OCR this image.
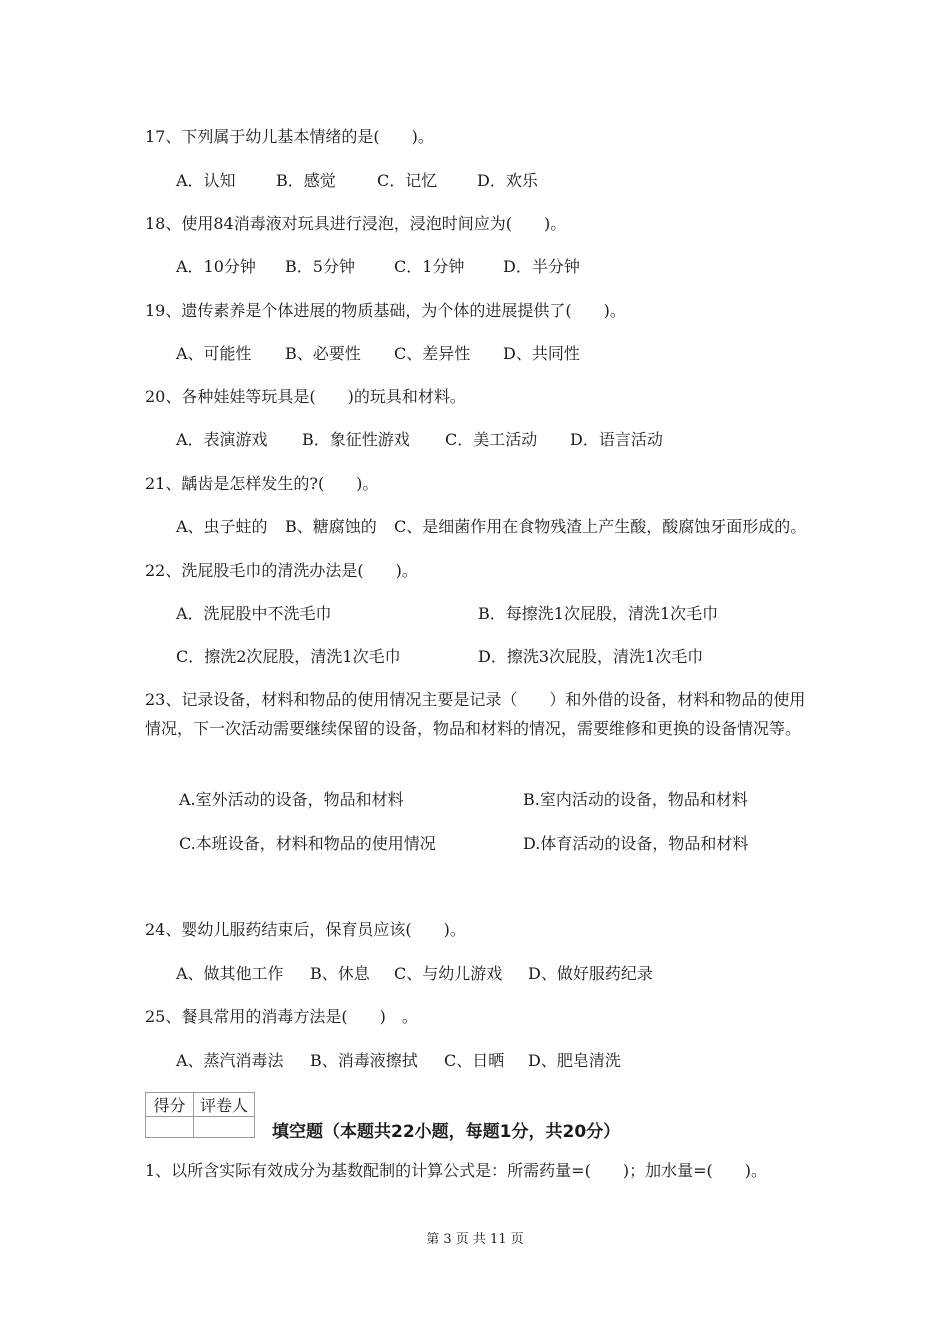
17、下列属于幼儿基本情绪的是(　　)。
A．认知	B．感觉	C．记忆 D．欢乐
18、使用84消毒液对玩具进行浸泡，浸泡时间应为(　　)。
A．10分钟 B．5分钟 C．1分钟 D．半分钟
19、遗传素养是个体进展的物质基础，为个体的进展提供了(　　)。
A、可能性 B、必要性 C、差异性 D、共同性
20、各种娃娃等玩具是(　　)的玩具和材料。
A．表演游戏 B．象征性游戏 C．美工活动 D．语言活动
21、龋齿是怎样发生的?(　　)。
A、虫子蛀的 B、糖腐蚀的 C、是细菌作用在食物残渣上产生酸，酸腐蚀牙面形成的。
22、洗屁股毛巾的清洗办法是(　　)。
A．洗屁股中不洗毛巾	B．每擦洗1次屁股，清洗1次毛巾
C．擦洗2次屁股，清洗1次毛巾	D．擦洗3次屁股，清洗1次毛巾
23、记录设备，材料和物品的使用情况主要是记录（　　）和外借的设备，材料和物品的使用情况，下一次活动需要继续保留的设备，物品和材料的情况，需要维修和更换的设备情况等。
A.室外活动的设备，物品和材料	B.室内活动的设备，物品和材料
C.本班设备，材料和物品的使用情况	D.体育活动的设备，物品和材料
24、婴幼儿服药结束后，保育员应该(　　)。
A、做其他工作 B、休息 C、与幼儿游戏 D、做好服药纪录
25、餐具常用的消毒方法是(　　)　。
A、蒸汽消毒法 B、消毒液擦拭 C、日晒 D、肥皂清洗
得分	评卷人

填空题（本题共22小题，每题1分，共20分）
1、以所含实际有效成分为基数配制的计算公式是：所需药量=(　　)；加水量=(　　)。
第 3 页 共 11 页
